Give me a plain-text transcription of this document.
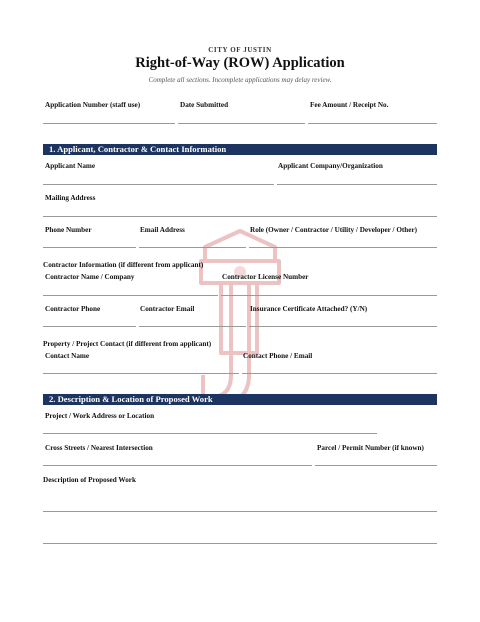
CITY OF JUSTIN
Right-of-Way (ROW) Application
Complete all sections. Incomplete applications may delay review.
Application Number (staff use)	Date Submitted	Fee Amount / Receipt No.
1. Applicant, Contractor & Contact Information
Applicant Name	Applicant Company/Organization
Mailing Address
Phone Number	Email Address	Role (Owner / Contractor / Utility / Developer / Other)
Contractor Information (if different from applicant)
Contractor Name / Company	Contractor License Number
Contractor Phone	Contractor Email	Insurance Certificate Attached? (Y/N)
Property / Project Contact (if different from applicant)
Contact Name	Contact Phone / Email
2. Description & Location of Proposed Work
Project / Work Address or Location
Cross Streets / Nearest Intersection	Parcel / Permit Number (if known)
Description of Proposed Work
